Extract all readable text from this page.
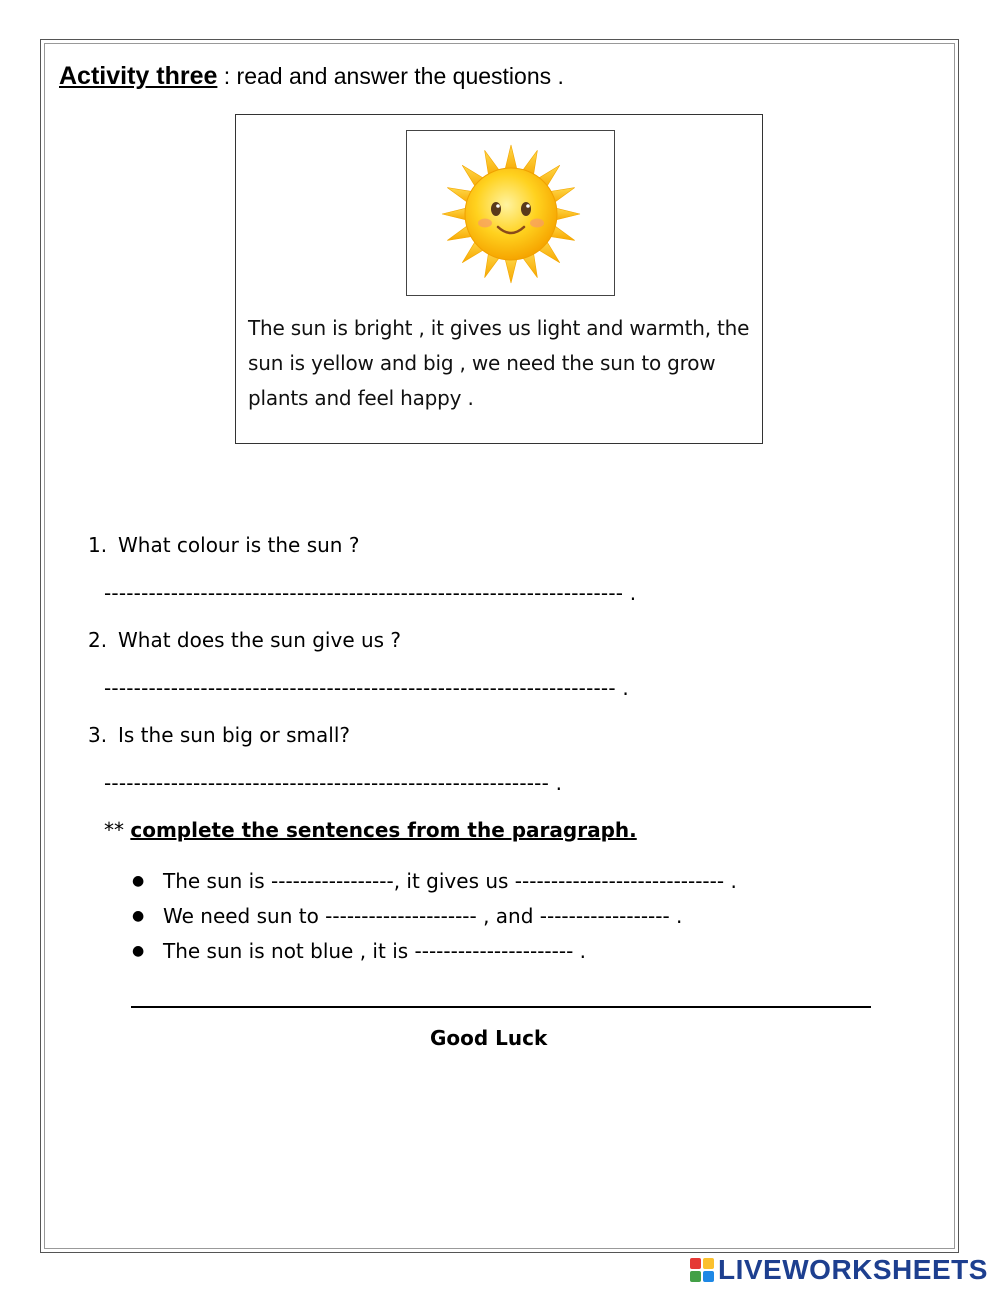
Activity three : read and answer the questions .
The sun is bright , it gives us light and warmth, the sun is yellow and big , we need the sun to grow plants and feel happy .
1. What colour is the sun ?
---------------------------------------------------------------------- .
2. What does the sun give us ?
--------------------------------------------------------------------- .
3. Is the sun big or small?
------------------------------------------------------------ .
** complete the sentences from the paragraph.
● The sun is -----------------, it gives us ----------------------------- .
● We need sun to --------------------- , and ------------------ .
● The sun is not blue , it is ---------------------- .
Good Luck
LIVEWORKSHEETS
